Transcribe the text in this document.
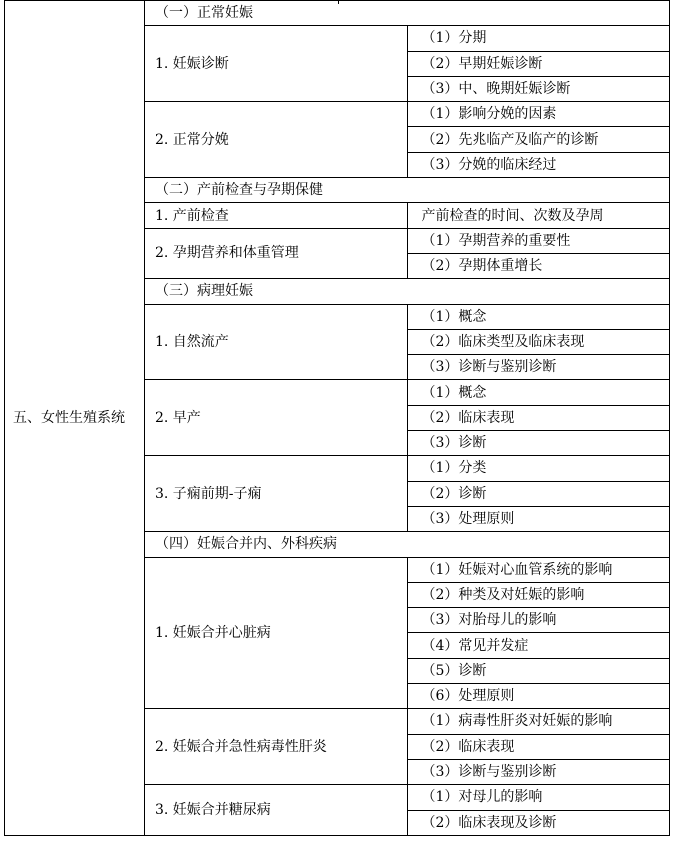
五、女性生殖系统	（一）正常妊娠	
	1. 妊娠诊断	（1）分期
		（2）早期妊娠诊断
		（3）中、晚期妊娠诊断
	2. 正常分娩	（1）影响分娩的因素
		（2）先兆临产及临产的诊断
		（3）分娩的临床经过
	（二）产前检查与孕期保健	
	1. 产前检查	产前检查的时间、次数及孕周
	2. 孕期营养和体重管理	（1）孕期营养的重要性
		（2）孕期体重增长
	（三）病理妊娠	
	1. 自然流产	（1）概念
		（2）临床类型及临床表现
		（3）诊断与鉴别诊断
	2. 早产	（1）概念
		（2）临床表现
		（3）诊断
	3. 子痫前期-子痫	（1）分类
		（2）诊断
		（3）处理原则
	（四）妊娠合并内、外科疾病	
	1. 妊娠合并心脏病	（1）妊娠对心血管系统的影响
		（2）种类及对妊娠的影响
		（3）对胎母儿的影响
		（4）常见并发症
		（5）诊断
		（6）处理原则
	2. 妊娠合并急性病毒性肝炎	（1）病毒性肝炎对妊娠的影响
		（2）临床表现
		（3）诊断与鉴别诊断
	3. 妊娠合并糖尿病	（1）对母儿的影响
		（2）临床表现及诊断
